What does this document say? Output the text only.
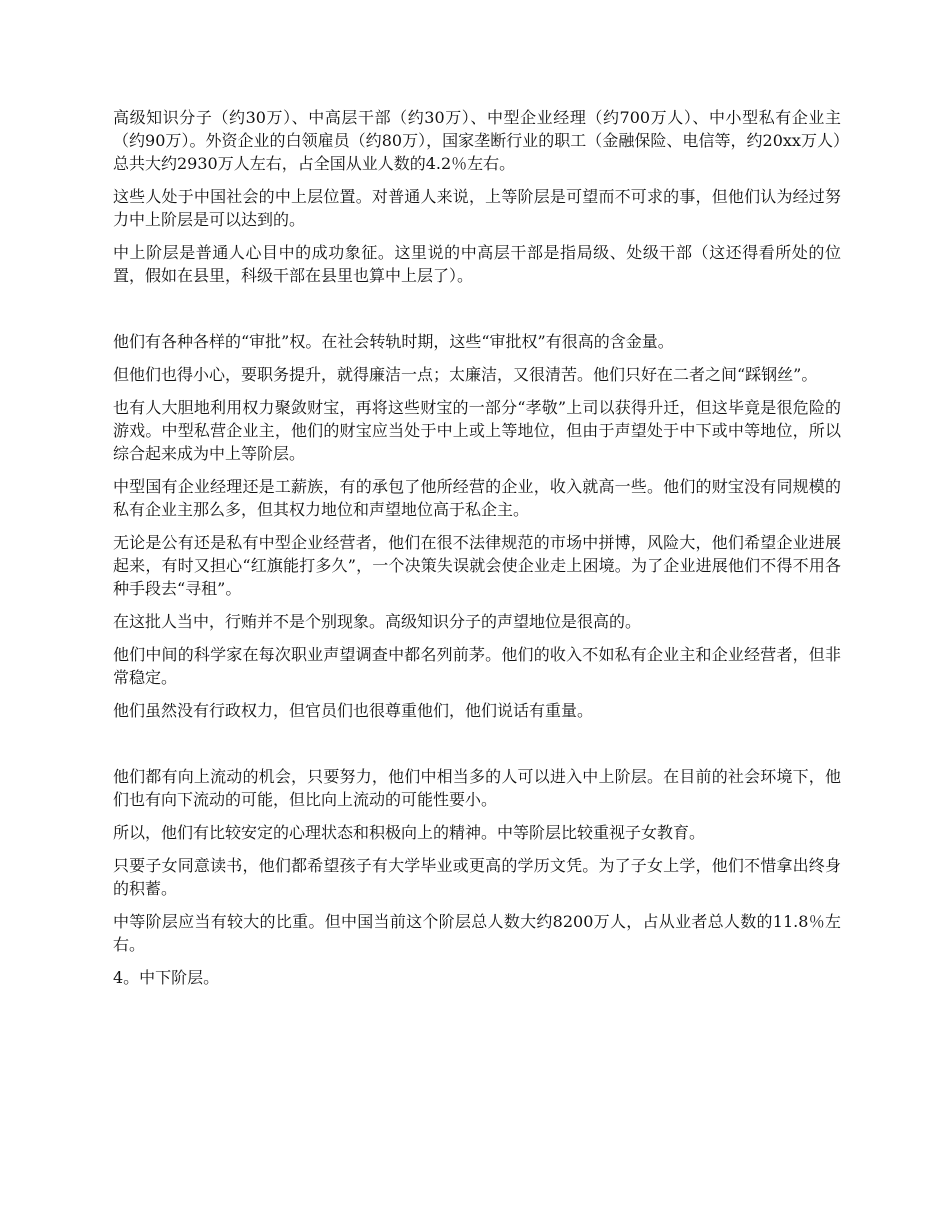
高级知识分子（约30万）、中高层干部（约30万）、中型企业经理（约700万人）、中小型私有企业主（约90万）。外资企业的白领雇员（约80万），国家垄断行业的职工（金融保险、电信等，约20xx万人）总共大约2930万人左右，占全国从业人数的4.2％左右。

这些人处于中国社会的中上层位置。对普通人来说，上等阶层是可望而不可求的事，但他们认为经过努力中上阶层是可以达到的。

中上阶层是普通人心目中的成功象征。这里说的中高层干部是指局级、处级干部（这还得看所处的位置，假如在县里，科级干部在县里也算中上层了）。

他们有各种各样的“审批”权。在社会转轨时期，这些“审批权”有很高的含金量。

但他们也得小心，要职务提升，就得廉洁一点；太廉洁，又很清苦。他们只好在二者之间“踩钢丝”。

也有人大胆地利用权力聚敛财宝，再将这些财宝的一部分“孝敬”上司以获得升迁，但这毕竟是很危险的游戏。中型私营企业主，他们的财宝应当处于中上或上等地位，但由于声望处于中下或中等地位，所以综合起来成为中上等阶层。

中型国有企业经理还是工薪族，有的承包了他所经营的企业，收入就高一些。他们的财宝没有同规模的私有企业主那么多，但其权力地位和声望地位高于私企主。

无论是公有还是私有中型企业经营者，他们在很不法律规范的市场中拼博，风险大，他们希望企业进展起来，有时又担心“红旗能打多久”，一个决策失误就会使企业走上困境。为了企业进展他们不得不用各种手段去“寻租”。

在这批人当中，行贿并不是个别现象。高级知识分子的声望地位是很高的。

他们中间的科学家在每次职业声望调查中都名列前茅。他们的收入不如私有企业主和企业经营者，但非常稳定。

他们虽然没有行政权力，但官员们也很尊重他们，他们说话有重量。

他们都有向上流动的机会，只要努力，他们中相当多的人可以进入中上阶层。在目前的社会环境下，他们也有向下流动的可能，但比向上流动的可能性要小。

所以，他们有比较安定的心理状态和积极向上的精神。中等阶层比较重视子女教育。

只要子女同意读书，他们都希望孩子有大学毕业或更高的学历文凭。为了子女上学，他们不惜拿出终身的积蓄。

中等阶层应当有较大的比重。但中国当前这个阶层总人数大约8200万人，占从业者总人数的11.8％左右。

4。中下阶层。
